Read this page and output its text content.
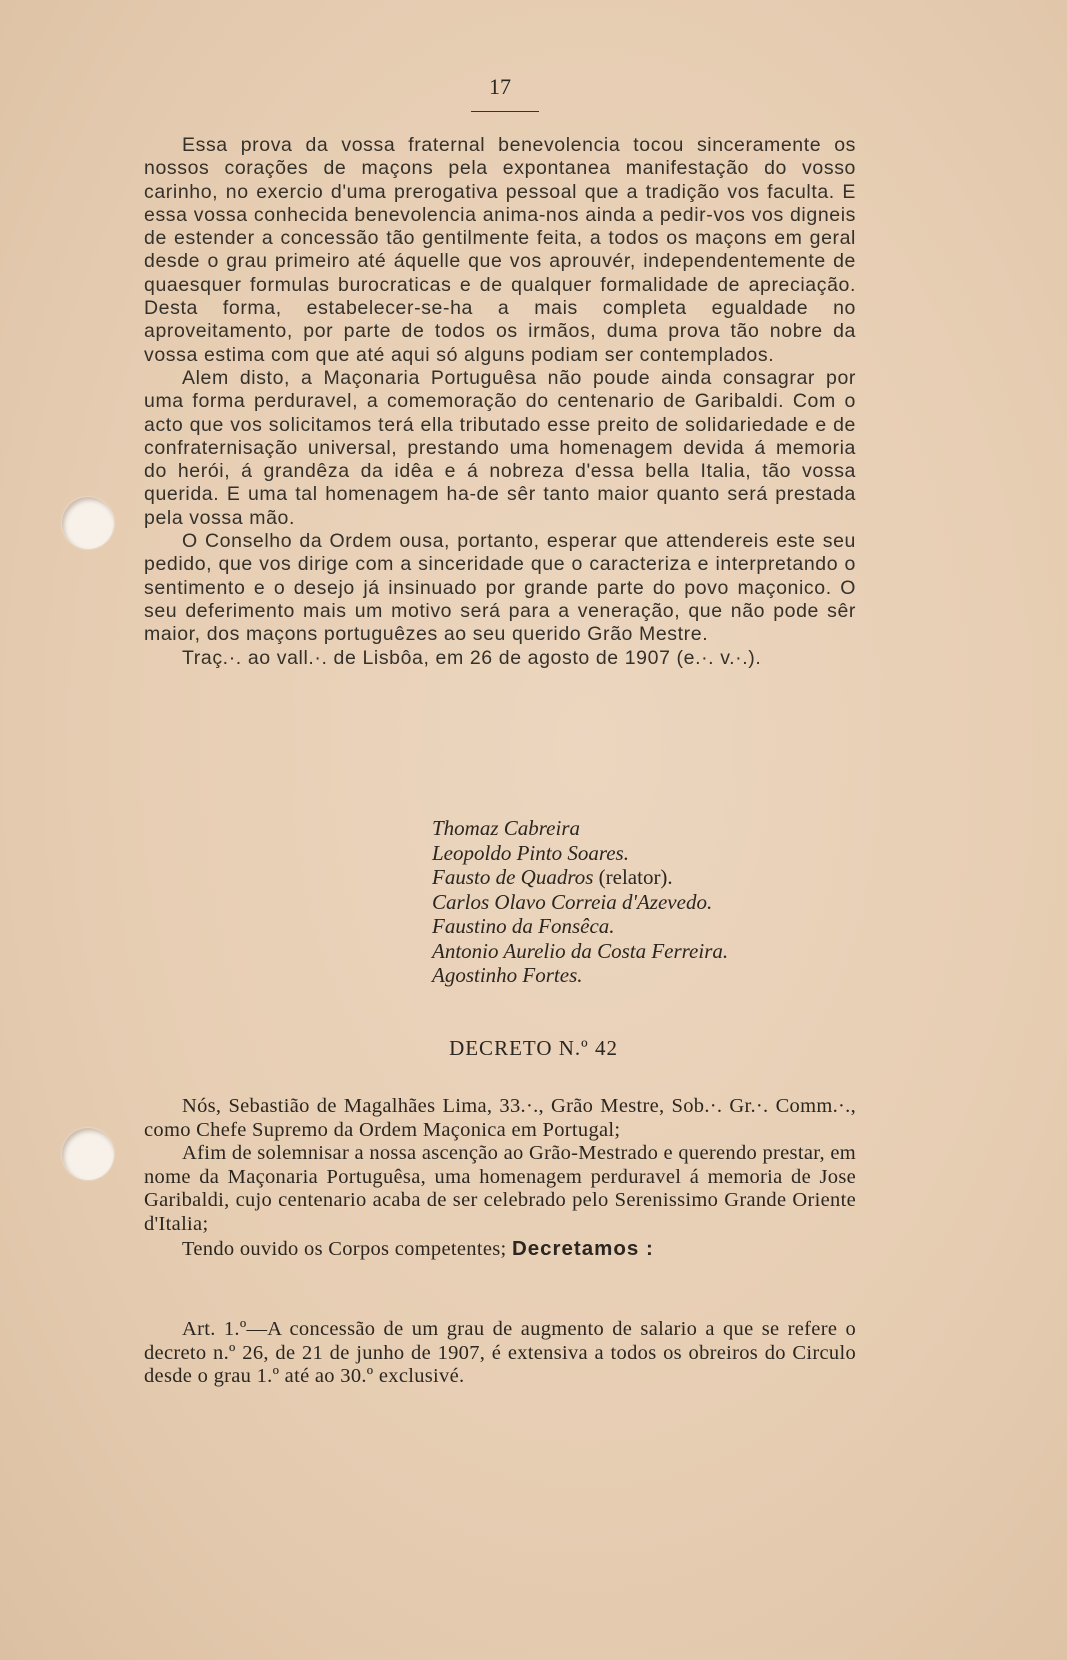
17

Essa prova da vossa fraternal benevolencia tocou sinceramente os nossos corações de maçons pela expontanea manifestação do vosso carinho, no exercio d'uma prerogativa pessoal que a tradição vos faculta. E essa vossa conhecida benevolencia anima-nos ainda a pedir-vos vos digneis de estender a concessão tão gentilmente feita, a todos os maçons em geral desde o grau primeiro até áquelle que vos aprouvér, independentemente de quaesquer formulas burocraticas e de qualquer formalidade de apreciação. Desta forma, estabelecer-se-ha a mais completa egualdade no aproveitamento, por parte de todos os irmãos, duma prova tão nobre da vossa estima com que até aqui só alguns podiam ser contemplados.

Alem disto, a Maçonaria Portuguêsa não poude ainda consagrar por uma forma perduravel, a comemoração do centenario de Garibaldi. Com o acto que vos solicitamos terá ella tributado esse preito de solidariedade e de confraternisação universal, prestando uma homenagem devida á memoria do herói, á grandêza da idêa e á nobreza d'essa bella Italia, tão vossa querida. E uma tal homenagem ha-de sêr tanto maior quanto será prestada pela vossa mão.

O Conselho da Ordem ousa, portanto, esperar que attendereis este seu pedido, que vos dirige com a sinceridade que o caracteriza e interpretando o sentimento e o desejo já insinuado por grande parte do povo maçonico. O seu deferimento mais um motivo será para a veneração, que não pode sêr maior, dos maçons portuguêzes ao seu querido Grão Mestre.

Traç.·. ao vall.·. de Lisbôa, em 26 de agosto de 1907 (e.·. v.·.).

Thomaz Cabreira
Leopoldo Pinto Soares.
Fausto de Quadros (relator).
Carlos Olavo Correia d'Azevedo.
Faustino da Fonsêca.
Antonio Aurelio da Costa Ferreira.
Agostinho Fortes.
DECRETO N.º 42

Nós, Sebastião de Magalhães Lima, 33.·., Grão Mestre, Sob.·. Gr.·. Comm.·., como Chefe Supremo da Ordem Maçonica em Portugal;

Afim de solemnisar a nossa ascenção ao Grão-Mestrado e querendo prestar, em nome da Maçonaria Portuguêsa, uma homenagem perduravel á memoria de Jose Garibaldi, cujo centenario acaba de ser celebrado pelo Serenissimo Grande Oriente d'Italia;

Tendo ouvido os Corpos competentes; Decretamos :

Art. 1.º—A concessão de um grau de augmento de salario a que se refere o decreto n.º 26, de 21 de junho de 1907, é extensiva a todos os obreiros do Circulo desde o grau 1.º até ao 30.º exclusivé.
